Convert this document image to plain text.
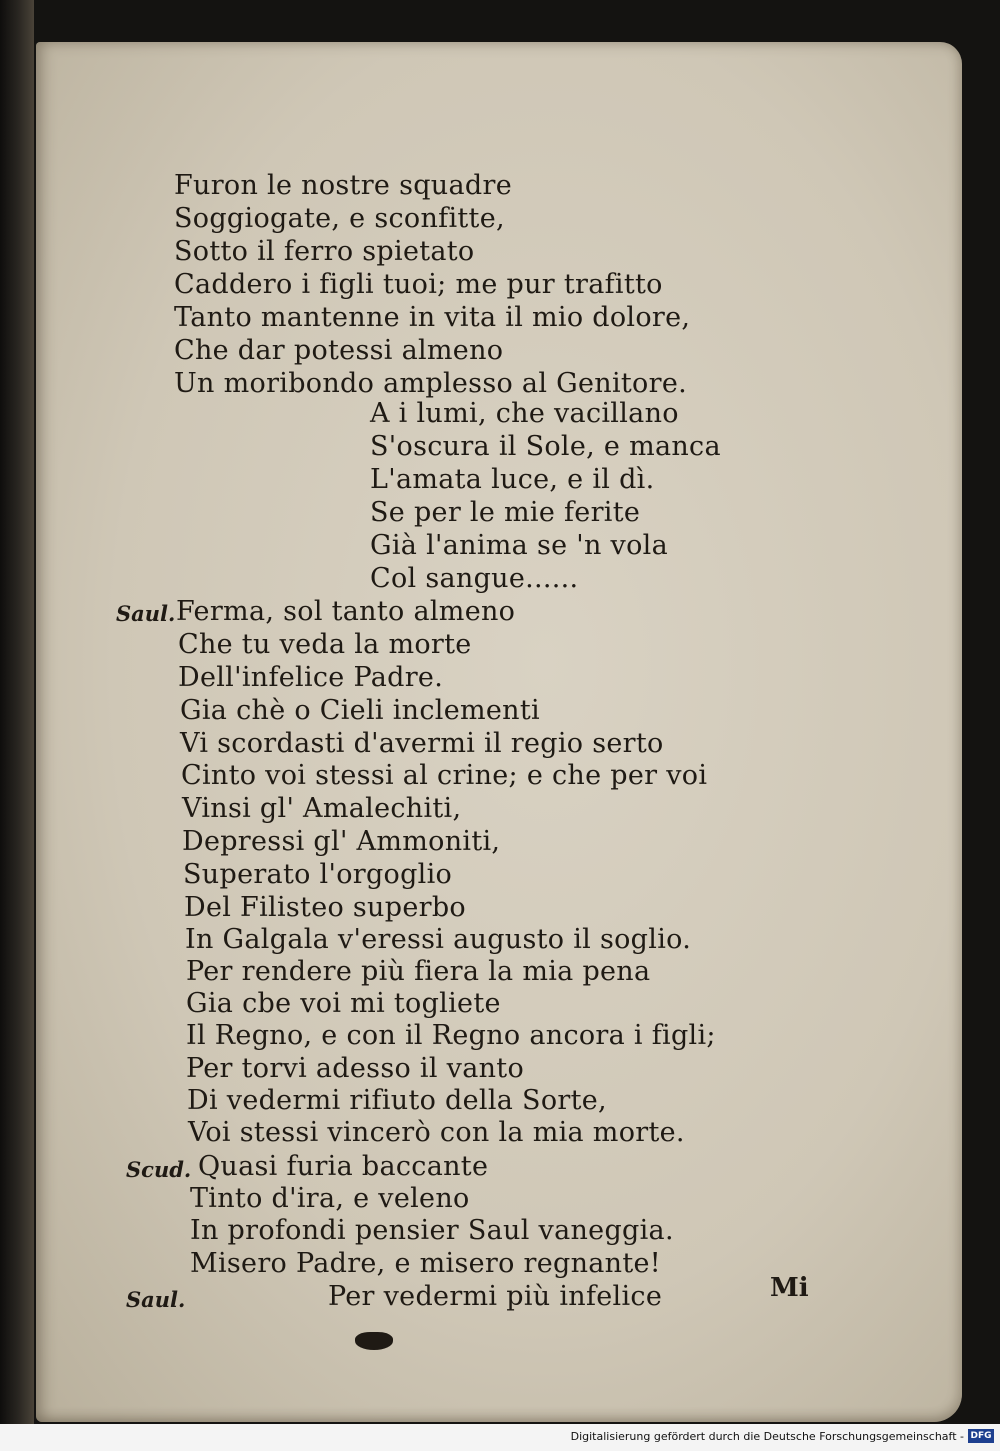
Furon le nostre squadre
Soggiogate, e sconfitte,
Sotto il ferro spietato
Caddero i figli tuoi; me pur trafitto
Tanto mantenne in vita il mio dolore,
Che dar potessi almeno
Un moribondo amplesso al Genitore.
A i lumi, che vacillano
S'oscura il Sole, e manca
L'amata luce, e il dì.
Se per le mie ferite
Già l'anima se 'n vola
Col sangue......
Saul. Ferma, sol tanto almeno
Che tu veda la morte
Dell'infelice Padre.
Gia chè o Cieli inclementi
Vi scordasti d'avermi il regio serto
Cinto voi stessi al crine; e che per voi
Vinsi gl' Amalechiti,
Depressi gl' Ammoniti,
Superato l'orgoglio
Del Filisteo superbo
In Galgala v'eressi augusto il soglio.
Per rendere più fiera la mia pena
Gia cbe voi mi togliete
Il Regno, e con il Regno ancora i figli;
Per torvi adesso il vanto
Di vedermi rifiuto della Sorte,
Voi stessi vincerò con la mia morte.
Scud. Quasi furia baccante
Tinto d'ira, e veleno
In profondi pensier Saul vaneggia.
Misero Padre, e misero regnante!
Saul.	Per vedermi più infelice	Mi
Digitalisierung gefördert durch die Deutsche Forschungsgemeinschaft - DFG
